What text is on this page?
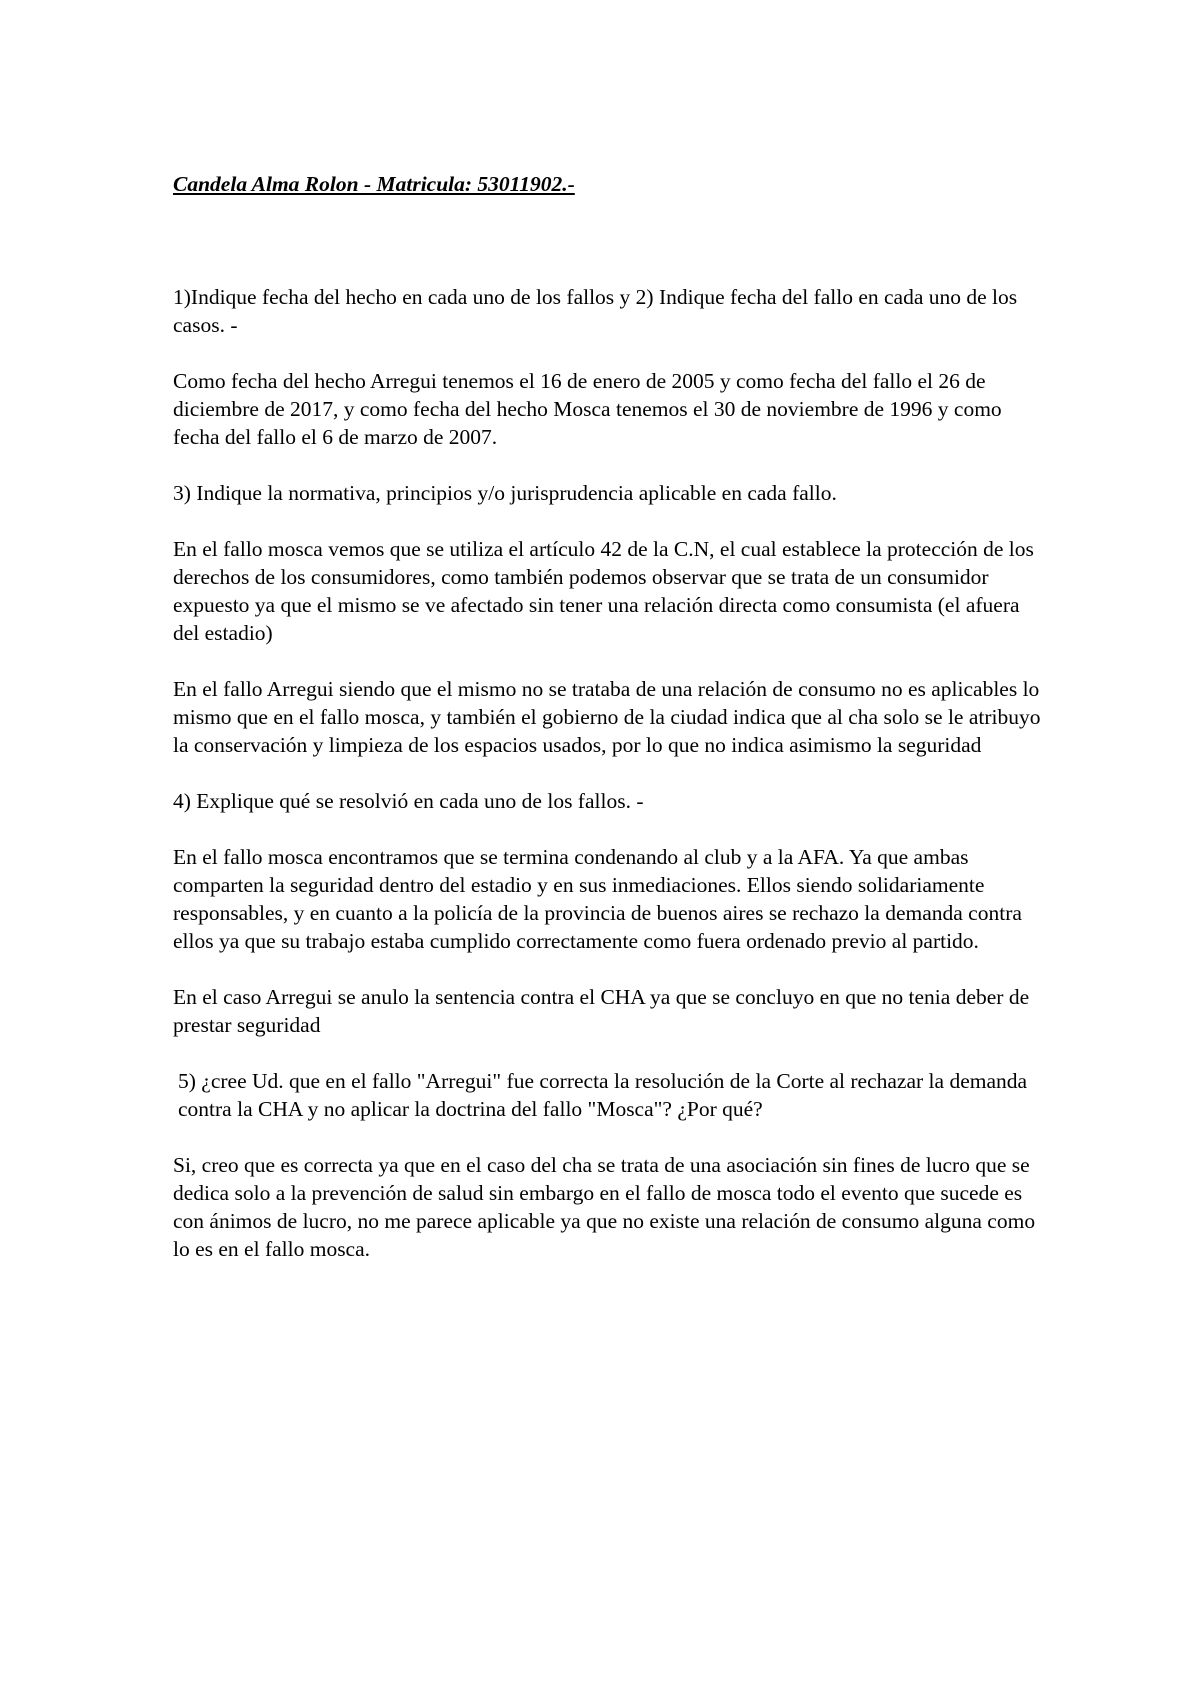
Candela Alma Rolon - Matricula: 53011902.-

1)Indique fecha del hecho en cada uno de los fallos y 2) Indique fecha del fallo en cada uno de los casos. -

Como fecha del hecho Arregui tenemos el 16 de enero de 2005 y como fecha del fallo el 26 de diciembre de 2017, y como fecha del hecho Mosca tenemos el 30 de noviembre de 1996 y como fecha del fallo el 6 de marzo de 2007.

3) Indique la normativa, principios y/o jurisprudencia aplicable en cada fallo.

En el fallo mosca vemos que se utiliza el artículo 42 de la C.N, el cual establece la protección de los derechos de los consumidores, como también podemos observar que se trata de un consumidor expuesto ya que el mismo se ve afectado sin tener una relación directa como consumista (el afuera del estadio)

En el fallo Arregui siendo que el mismo no se trataba de una relación de consumo no es aplicables lo mismo que en el fallo mosca, y también el gobierno de la ciudad indica que al cha solo se le atribuyo la conservación y limpieza de los espacios usados, por lo que no indica asimismo la seguridad

4) Explique qué se resolvió en cada uno de los fallos. -

En el fallo mosca encontramos que se termina condenando al club y a la AFA. Ya que ambas comparten la seguridad dentro del estadio y en sus inmediaciones. Ellos siendo solidariamente responsables, y en cuanto a la policía de la provincia de buenos aires se rechazo la demanda contra ellos ya que su trabajo estaba cumplido correctamente como fuera ordenado previo al partido.

En el caso Arregui se anulo la sentencia contra el CHA ya que se concluyo en que no tenia deber de prestar seguridad

5) ¿cree Ud. que en el fallo "Arregui" fue correcta la resolución de la Corte al rechazar la demanda contra la CHA y no aplicar la doctrina del fallo "Mosca"? ¿Por qué?

Si, creo que es correcta ya que en el caso del cha se trata de una asociación sin fines de lucro que se dedica solo a la prevención de salud sin embargo en el fallo de mosca todo el evento que sucede es con ánimos de lucro, no me parece aplicable ya que no existe una relación de consumo alguna como lo es en el fallo mosca.
